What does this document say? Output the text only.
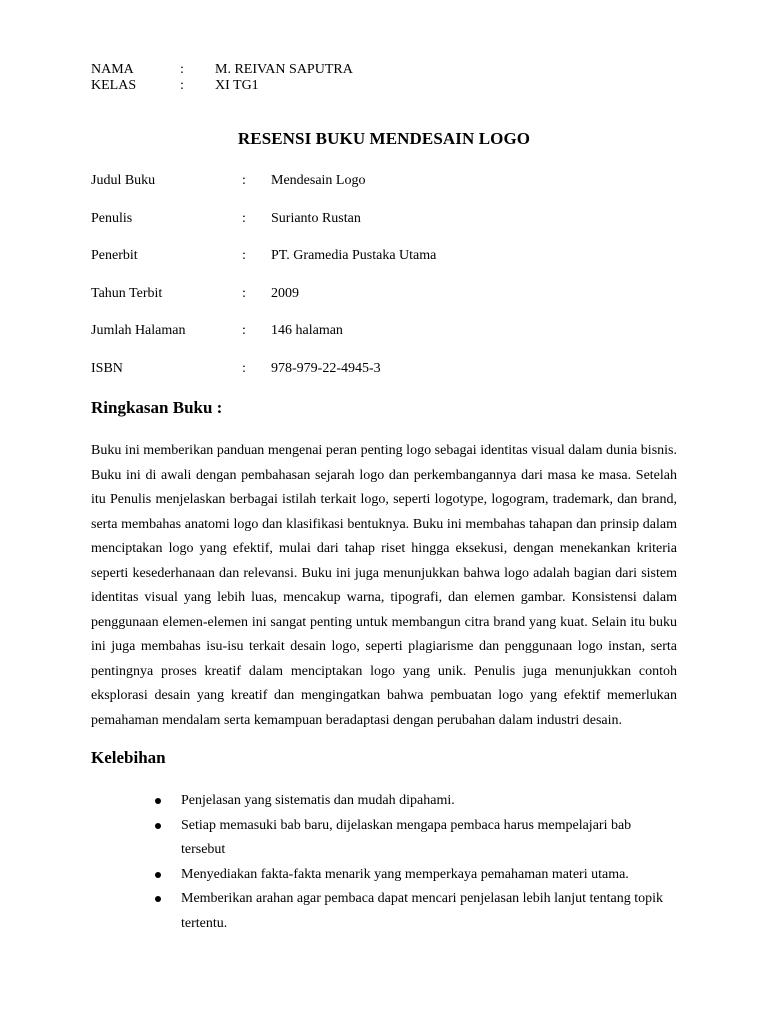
NAMA	:	M. REIVAN SAPUTRA
KELAS	:	XI TG1
RESENSI BUKU MENDESAIN LOGO
Judul Buku	:	Mendesain Logo
Penulis	:	Surianto Rustan
Penerbit	:	PT. Gramedia Pustaka Utama
Tahun Terbit	:	2009
Jumlah Halaman	:	146 halaman
ISBN	:	978-979-22-4945-3
Ringkasan Buku :

Buku ini memberikan panduan mengenai peran penting logo sebagai identitas visual dalam dunia bisnis. Buku ini di awali dengan pembahasan sejarah logo dan perkembangannya dari masa ke masa. Setelah itu Penulis menjelaskan berbagai istilah terkait logo, seperti logotype, logogram, trademark, dan brand, serta membahas anatomi logo dan klasifikasi bentuknya. Buku ini membahas tahapan dan prinsip dalam menciptakan logo yang efektif, mulai dari tahap riset hingga eksekusi, dengan menekankan kriteria seperti kesederhanaan dan relevansi. Buku ini juga menunjukkan bahwa logo adalah bagian dari sistem identitas visual yang lebih luas, mencakup warna, tipografi, dan elemen gambar. Konsistensi dalam penggunaan elemen-elemen ini sangat penting untuk membangun citra brand yang kuat. Selain itu buku ini juga membahas isu-isu terkait desain logo, seperti plagiarisme dan penggunaan logo instan, serta pentingnya proses kreatif dalam menciptakan logo yang unik. Penulis juga menunjukkan contoh eksplorasi desain yang kreatif dan mengingatkan bahwa pembuatan logo yang efektif memerlukan pemahaman mendalam serta kemampuan beradaptasi dengan perubahan dalam industri desain.

Kelebihan
Penjelasan yang sistematis dan mudah dipahami.
Setiap memasuki bab baru, dijelaskan mengapa pembaca harus mempelajari bab tersebut
Menyediakan fakta-fakta menarik yang memperkaya pemahaman materi utama.
Memberikan arahan agar pembaca dapat mencari penjelasan lebih lanjut tentang topik tertentu.
